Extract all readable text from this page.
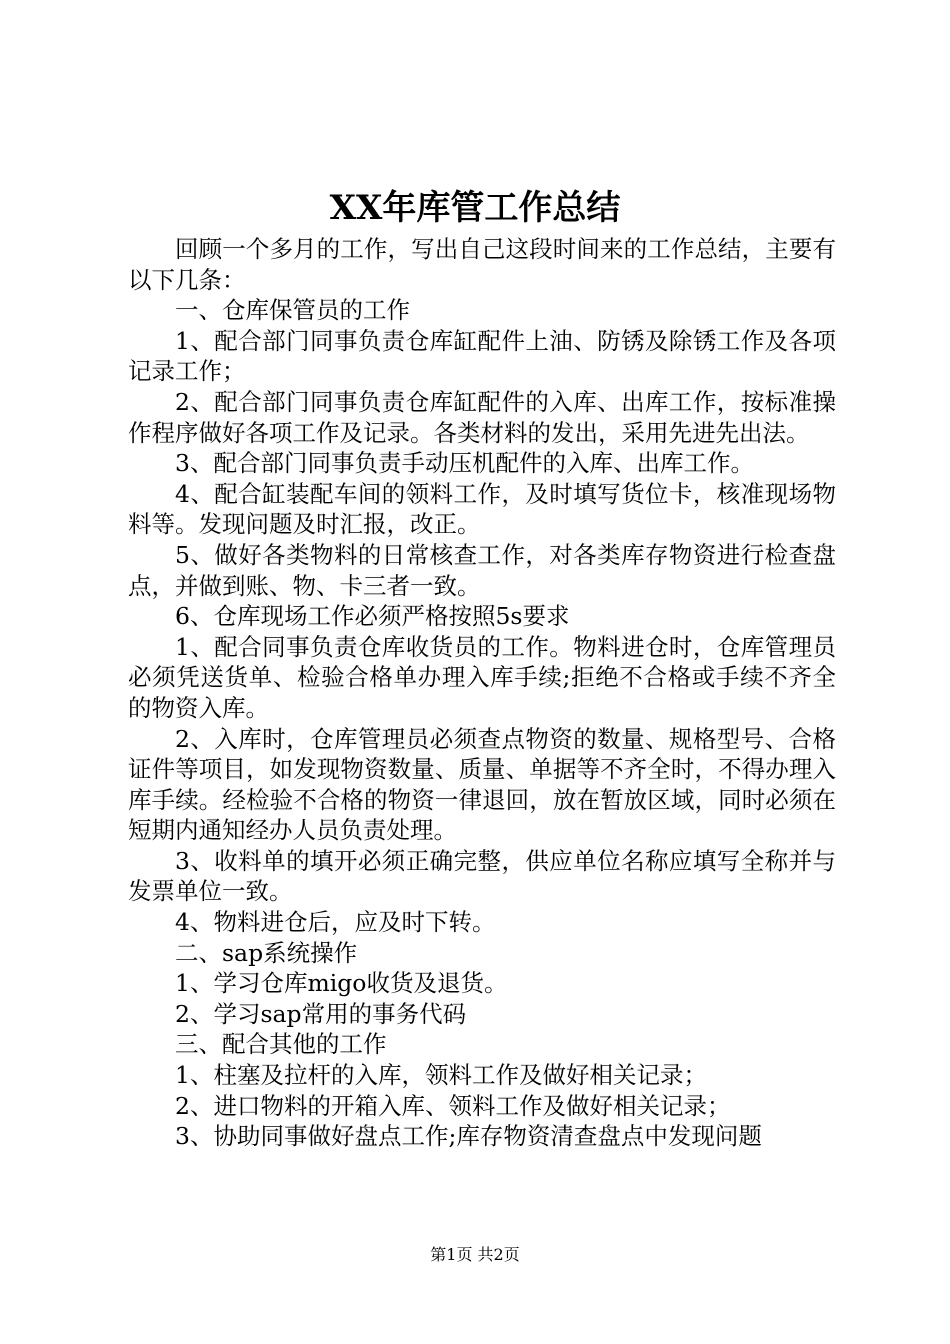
XX年库管工作总结

回顾一个多月的工作，写出自己这段时间来的工作总结，主要有以下几条：

一、仓库保管员的工作

1、配合部门同事负责仓库缸配件上油、防锈及除锈工作及各项记录工作；

2、配合部门同事负责仓库缸配件的入库、出库工作，按标准操作程序做好各项工作及记录。各类材料的发出，采用先进先出法。

3、配合部门同事负责手动压机配件的入库、出库工作。

4、配合缸装配车间的领料工作，及时填写货位卡，核准现场物料等。发现问题及时汇报，改正。

5、做好各类物料的日常核查工作，对各类库存物资进行检查盘点，并做到账、物、卡三者一致。

6、仓库现场工作必须严格按照5s要求

1、配合同事负责仓库收货员的工作。物料进仓时，仓库管理员必须凭送货单、检验合格单办理入库手续;拒绝不合格或手续不齐全的物资入库。

2、入库时，仓库管理员必须查点物资的数量、规格型号、合格证件等项目，如发现物资数量、质量、单据等不齐全时，不得办理入库手续。经检验不合格的物资一律退回，放在暂放区域，同时必须在短期内通知经办人员负责处理。

3、收料单的填开必须正确完整，供应单位名称应填写全称并与发票单位一致。

4、物料进仓后，应及时下转。

二、sap系统操作

1、学习仓库migo收货及退货。

2、学习sap常用的事务代码

三、配合其他的工作

1、柱塞及拉杆的入库，领料工作及做好相关记录；

2、进口物料的开箱入库、领料工作及做好相关记录；

3、协助同事做好盘点工作;库存物资清查盘点中发现问题

第1页 共2页
